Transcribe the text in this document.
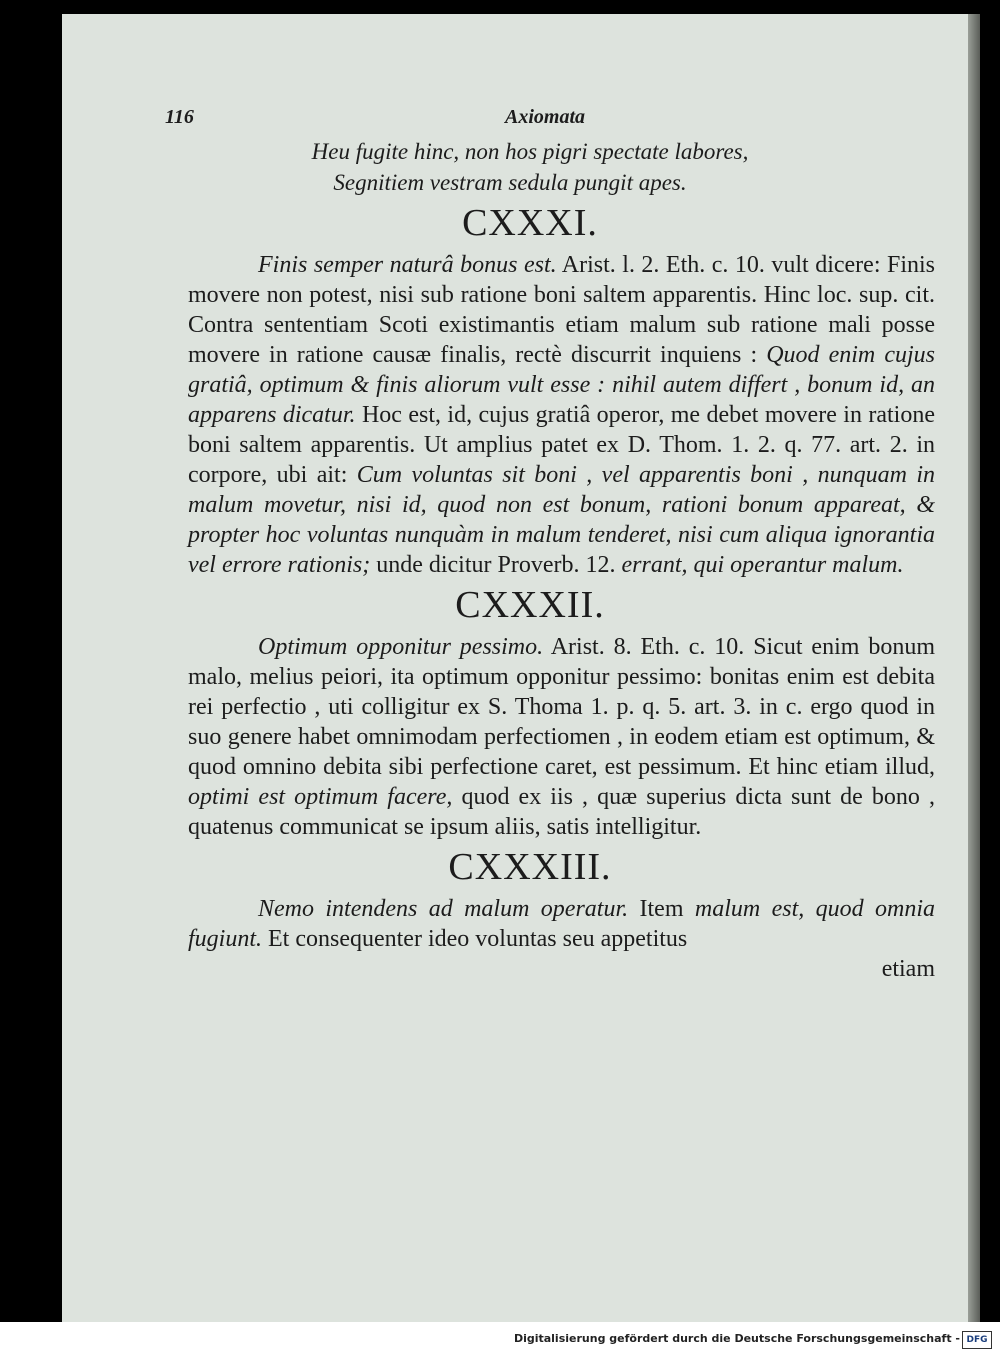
116	Axiomata
Heu fugite hinc, non hos pigri spectate labores,
Segnitiem vestram sedula pungit apes.
CXXXI.

Finis semper naturâ bonus est. Arist. l. 2. Eth. c. 10. vult dicere: Finis movere non potest, nisi sub ratione boni saltem apparentis. Hinc loc. sup. cit. Contra sententiam Scoti existimantis etiam malum sub ratione mali posse movere in ratione causæ finalis, rectè discurrit inquiens : Quod enim cujus gratiâ, optimum & finis aliorum vult esse : nihil autem differt , bonum id, an apparens dicatur. Hoc est, id, cujus gratiâ operor, me debet movere in ratione boni saltem apparentis. Ut amplius patet ex D. Thom. 1. 2. q. 77. art. 2. in corpore, ubi ait: Cum voluntas sit boni , vel apparentis boni , nunquam in malum movetur, nisi id, quod non est bonum, rationi bonum appareat, & propter hoc voluntas nunquàm in malum tenderet, nisi cum aliqua ignorantia vel errore rationis; unde dicitur Proverb. 12. errant, qui operantur malum.

CXXXII.

Optimum opponitur pessimo. Arist. 8. Eth. c. 10. Sicut enim bonum malo, melius peiori, ita optimum opponitur pessimo: bonitas enim est debita rei perfectio , uti colligitur ex S. Thoma 1. p. q. 5. art. 3. in c. ergo quod in suo genere habet omnimodam perfectiomen , in eodem etiam est optimum, & quod omnino debita sibi perfectione caret, est pessimum. Et hinc etiam illud, optimi est optimum facere, quod ex iis , quæ superius dicta sunt de bono , quatenus communicat se ipsum aliis, satis intelligitur.

CXXXIII.

Nemo intendens ad malum operatur. Item malum est, quod omnia fugiunt. Et consequenter ideo voluntas seu appetitus

etiam
Digitalisierung gefördert durch die Deutsche Forschungsgemeinschaft - DFG
